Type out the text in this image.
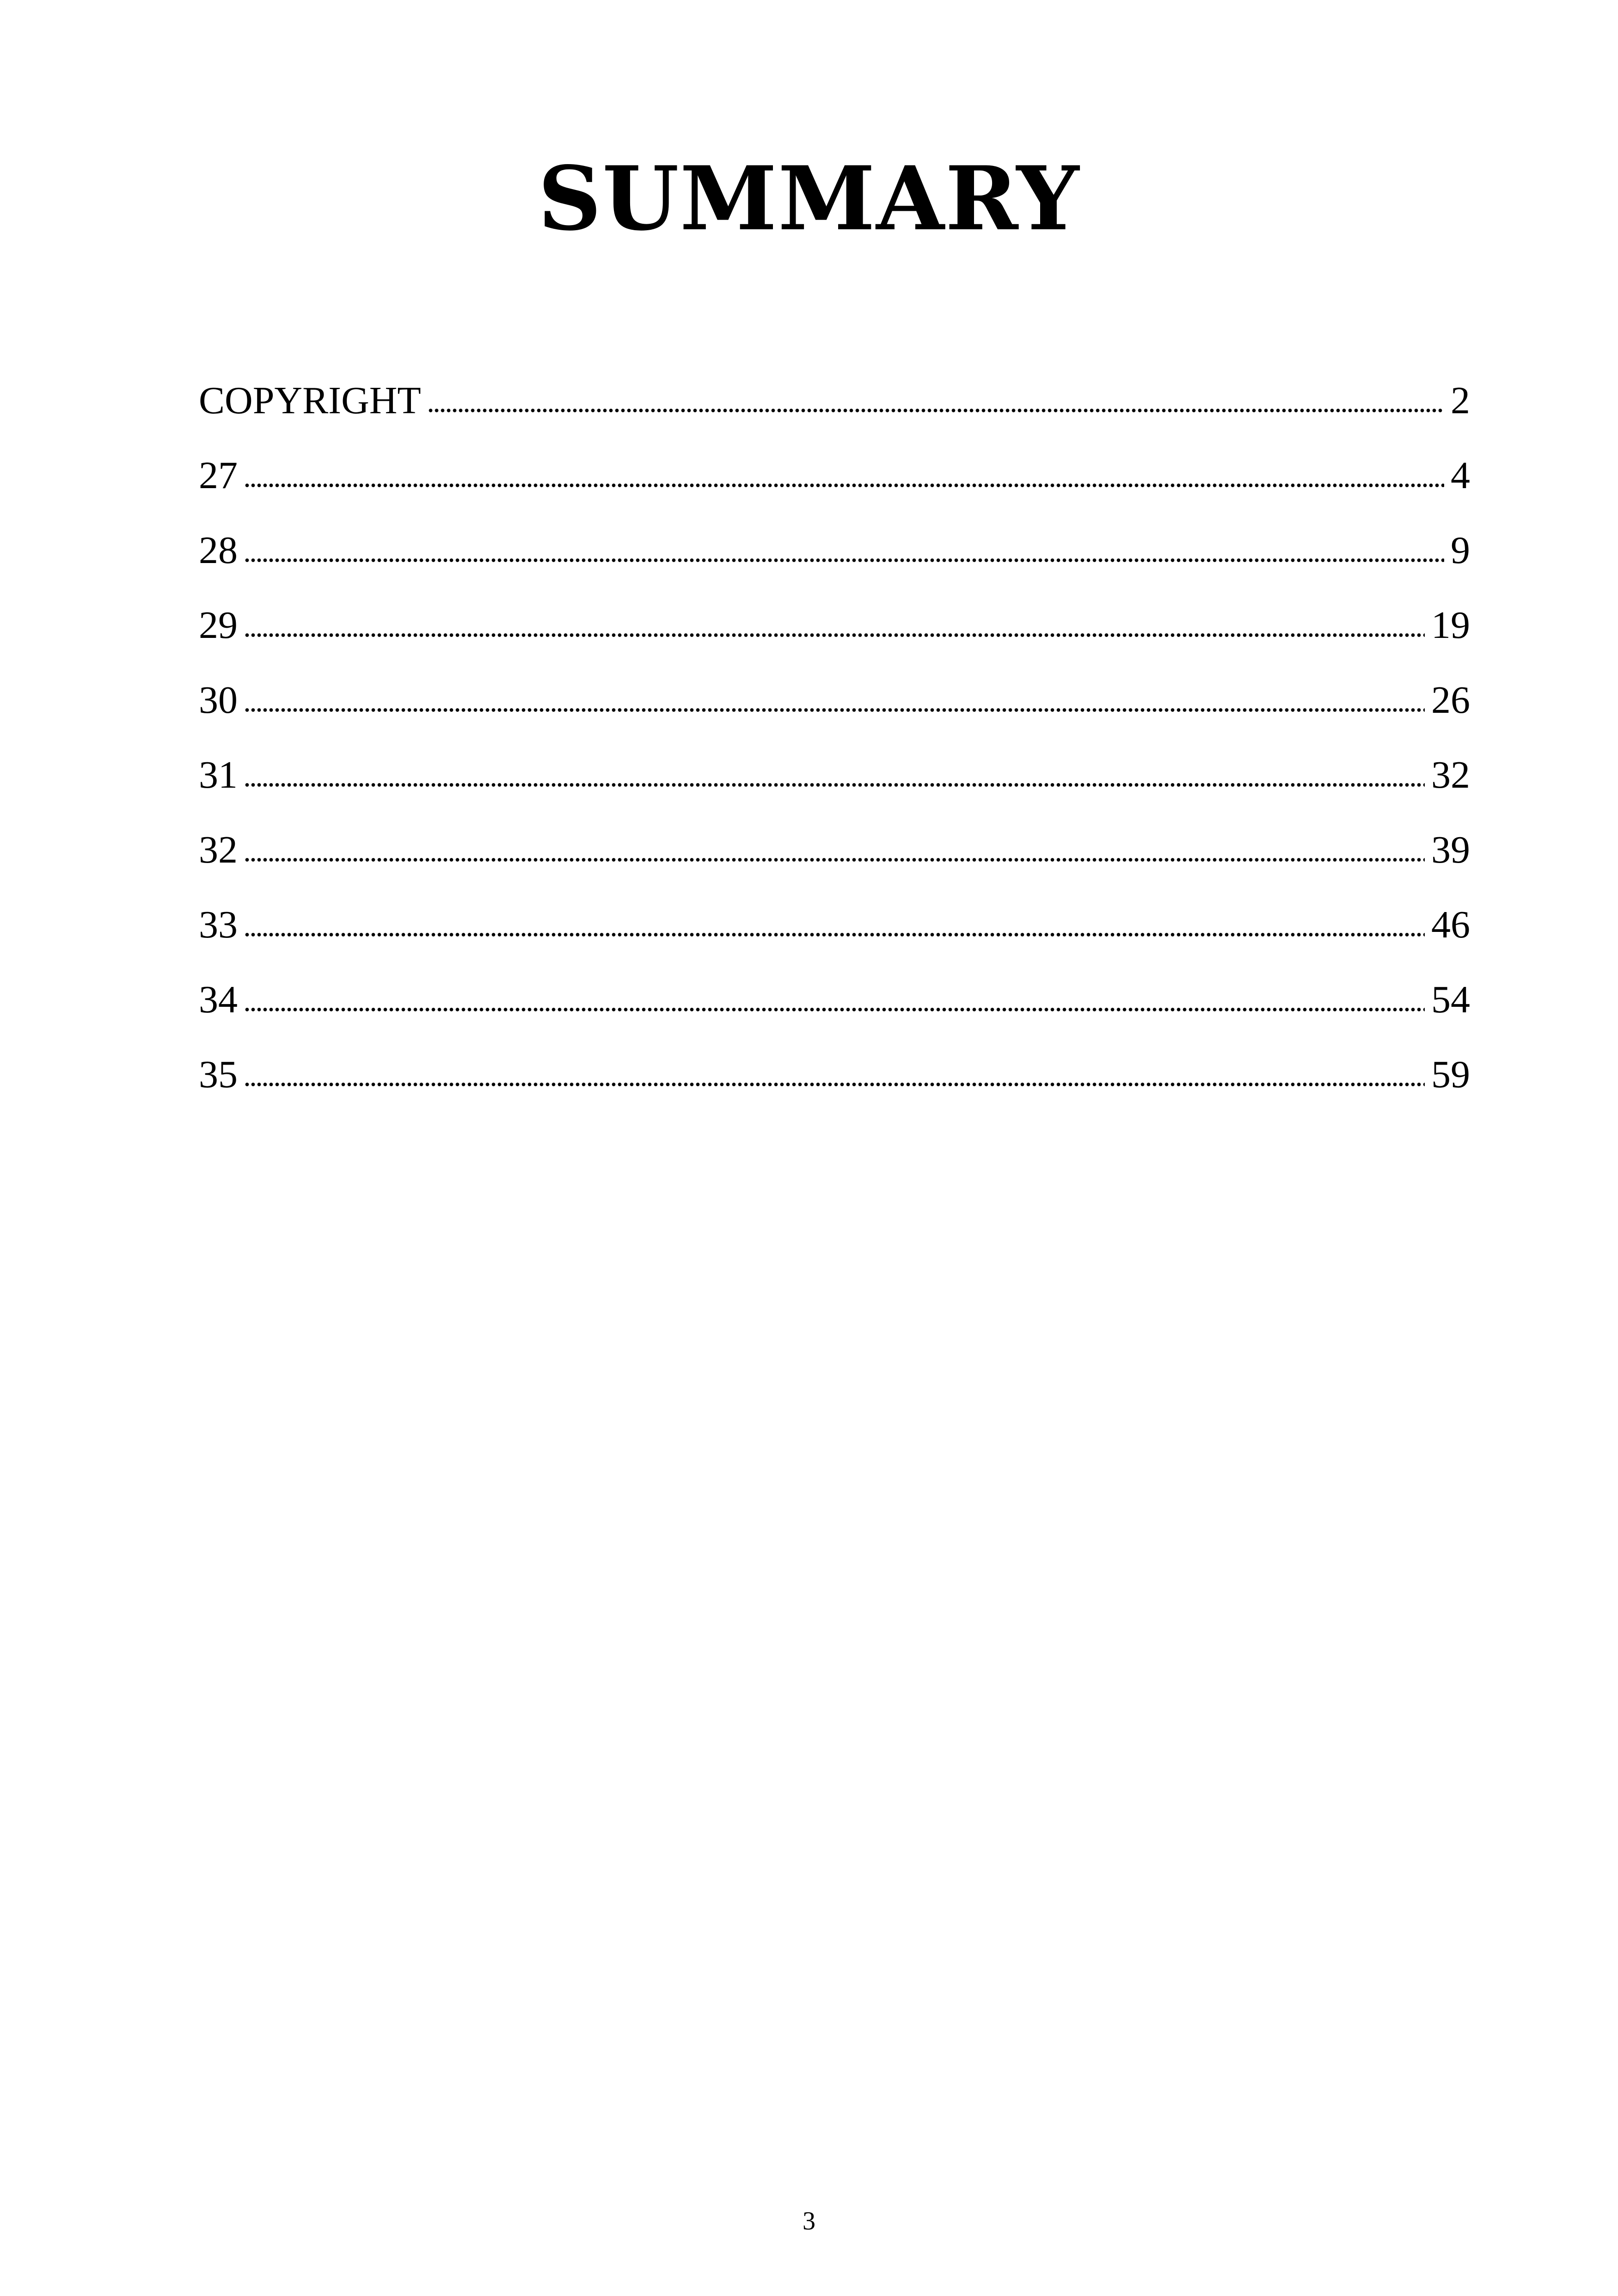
SUMMARY
COPYRIGHT	2
27	4
28	9
29	19
30	26
31	32
32	39
33	46
34	54
35	59
3
